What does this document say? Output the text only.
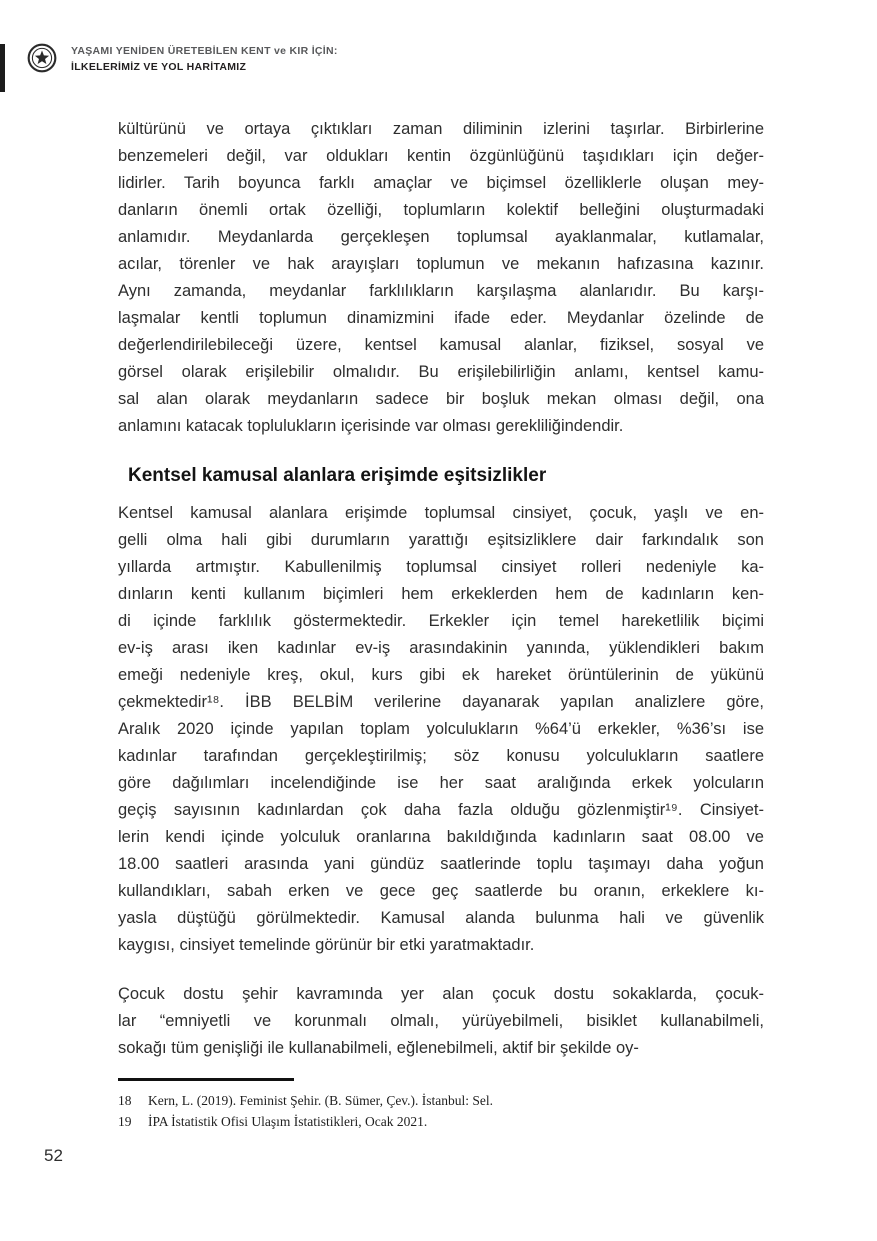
YAŞAMI YENİDEN ÜRETEBİLEN KENT ve KIR İÇİN:
İLKELERİMİZ VE YOL HARİTAMIZ
kültürünü ve ortaya çıktıkları zaman diliminin izlerini taşırlar. Birbirlerine
benzemeleri değil, var oldukları kentin özgünlüğünü taşıdıkları için değer-
lidirler. Tarih boyunca farklı amaçlar ve biçimsel özelliklerle oluşan mey-
danların önemli ortak özelliği, toplumların kolektif belleğini oluşturmadaki
anlamıdır. Meydanlarda gerçekleşen toplumsal ayaklanmalar, kutlamalar,
acılar, törenler ve hak arayışları toplumun ve mekanın hafızasına kazınır.
Aynı zamanda, meydanlar farklılıkların karşılaşma alanlarıdır. Bu karşı-
laşmalar kentli toplumun dinamizmini ifade eder. Meydanlar özelinde de
değerlendirilebileceği üzere, kentsel kamusal alanlar, fiziksel, sosyal ve
görsel olarak erişilebilir olmalıdır. Bu erişilebilirliğin anlamı, kentsel kamu-
sal alan olarak meydanların sadece bir boşluk mekan olması değil, ona
anlamını katacak toplulukların içerisinde var olması gerekliliğindendir.
Kentsel kamusal alanlara erişimde eşitsizlikler
Kentsel kamusal alanlara erişimde toplumsal cinsiyet, çocuk, yaşlı ve en-
gelli olma hali gibi durumların yarattığı eşitsizliklere dair farkındalık son
yıllarda artmıştır. Kabullenilmiş toplumsal cinsiyet rolleri nedeniyle ka-
dınların kenti kullanım biçimleri hem erkeklerden hem de kadınların ken-
di içinde farklılık göstermektedir. Erkekler için temel hareketlilik biçimi
ev-iş arası iken kadınlar ev-iş arasındakinin yanında, yüklendikleri bakım
emeği nedeniyle kreş, okul, kurs gibi ek hareket örüntülerinin de yükünü
çekmektedir¹⁸. İBB BELBİM verilerine dayanarak yapılan analizlere göre,
Aralık 2020 içinde yapılan toplam yolculukların %64’ü erkekler, %36’sı ise
kadınlar tarafından gerçekleştirilmiş; söz konusu yolculukların saatlere
göre dağılımları incelendiğinde ise her saat aralığında erkek yolcuların
geçiş sayısının kadınlardan çok daha fazla olduğu gözlenmiştir¹⁹. Cinsiyet-
lerin kendi içinde yolculuk oranlarına bakıldığında kadınların saat 08.00 ve
18.00 saatleri arasında yani gündüz saatlerinde toplu taşımayı daha yoğun
kullandıkları, sabah erken ve gece geç saatlerde bu oranın, erkeklere kı-
yasla düştüğü görülmektedir. Kamusal alanda bulunma hali ve güvenlik
kaygısı, cinsiyet temelinde görünür bir etki yaratmaktadır.
Çocuk dostu şehir kavramında yer alan çocuk dostu sokaklarda, çocuk-
lar “emniyetli ve korunmalı olmalı, yürüyebilmeli, bisiklet kullanabilmeli,
sokağı tüm genişliği ile kullanabilmeli, eğlenebilmeli, aktif bir şekilde oy-
18	Kern, L. (2019). Feminist Şehir. (B. Sümer, Çev.). İstanbul: Sel.
19	İPA İstatistik Ofisi Ulaşım İstatistikleri, Ocak 2021.
52
